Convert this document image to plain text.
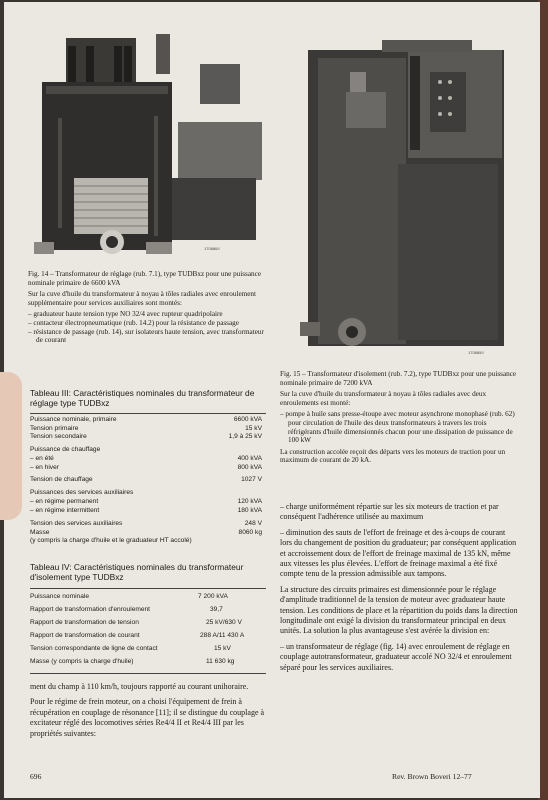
170886/I
170885/I

Fig. 14 – Transformateur de réglage (rub. 7.1), type TUDBxz pour une puissance nominale primaire de 6600 kVA

Sur la cuve d'huile du transformateur à noyau à tôles radiales avec enroulement supplémentaire pour services auxiliaires sont montés:

– graduateur haute tension type NO 32/4 avec rupteur quadripolaire
– contacteur électropneumatique (rub. 14.2) pour la résistance de passage
– résistance de passage (rub. 14), sur isolateurs haute tension, avec transformateur de courant

Fig. 15 – Transformateur d'isolement (rub. 7.2), type TUDBxz pour une puissance nominale primaire de 7200 kVA

Sur la cuve d'huile du transformateur à noyau à tôles radiales avec deux enroulements est monté:

– pompe à huile sans presse-étoupe avec moteur asynchrone monophasé (rub. 62) pour circulation de l'huile des deux transformateurs à travers les trois réfrigérants d'huile dimensionnés chacun pour une dissipation de puissance de 100 kW

La construction accolée reçoit des départs vers les moteurs de traction pour un maximum de courant de 20 kA.

Tableau III: Caractéristiques nominales du transformateur de réglage type TUDBxz
Puissance nominale, primaire	6600 kVA
Tension primaire	15 kV
Tension secondaire	1,9 à 25 kV
Puissance de chauffage
– en été	400 kVA
– en hiver	800 kVA
Tension de chauffage	1027 V
Puissances des services auxiliaires
– en régime permanent	120 kVA
– en régime intermittent	180 kVA
Tension des services auxiliaires	248 V
Masse	8060 kg
(y compris la charge d'huile et le graduateur HT accolé)
Tableau IV: Caractéristiques nominales du transformateur d'isolement type TUDBxz
Puissance nominale	7 200 kVA
Rapport de transformation d'enroulement	39,7
Rapport de transformation de tension	25 kV/630 V
Rapport de transformation de courant	288 A/11 430 A
Tension correspondante de ligne de contact	15 kV
Masse (y compris la charge d'huile)	11 630 kg

ment du champ à 110 km/h, toujours rapporté au courant unihoraire.

Pour le régime de frein moteur, on a choisi l'équipement de frein à récupération en couplage de résonance [11]; il se distingue du couplage à excitateur réglé des locomotives séries Re4/4 II et Re4/4 III par les propriétés suivantes:

– charge uniformément répartie sur les six moteurs de traction et par conséquent l'adhérence utilisée au maximum

– diminution des sauts de l'effort de freinage et des à-coups de courant lors du changement de position du graduateur; par conséquent application et accroissement doux de l'effort de freinage maximal de 135 kN, même aux vitesses les plus élevées. L'effort de freinage maximal a été fixé compte tenu de la pression admissible aux tampons.

La structure des circuits primaires est dimensionnée pour le réglage d'amplitude traditionnel de la tension de moteur avec graduateur haute tension. Les conditions de place et la répartition du poids dans la direction longitudinale ont exigé la division du transformateur principal en deux unités. La solution la plus avantageuse s'est avérée la division en:

– un transformateur de réglage (fig. 14) avec enroulement de réglage en couplage autotransformateur, graduateur accolé NO 32/4 et enroulement séparé pour les services auxiliaires.

696	Rev. Brown Boveri 12–77
